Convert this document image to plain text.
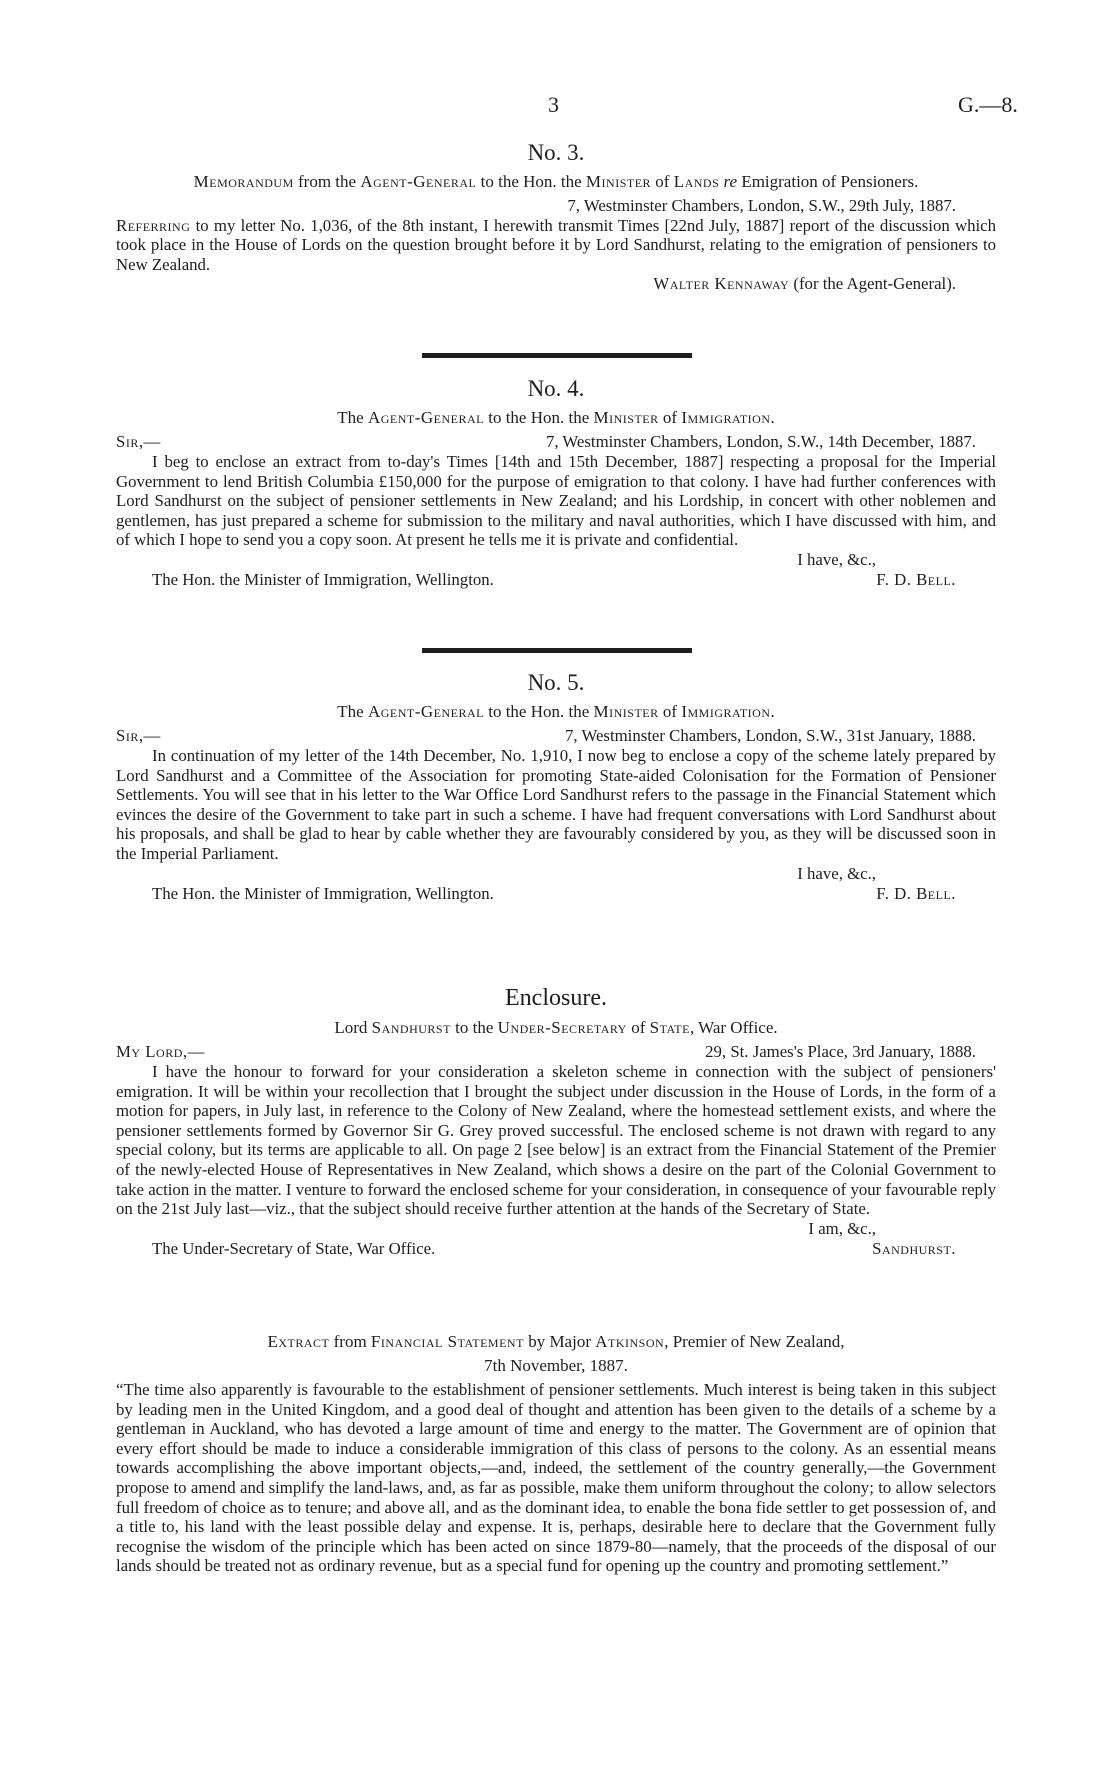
3	G.—8.
No. 3.
Memorandum from the Agent-General to the Hon. the Minister of Lands re Emigration of Pensioners.
7, Westminster Chambers, London, S.W., 29th July, 1887.

Referring to my letter No. 1,036, of the 8th instant, I herewith transmit Times [22nd July, 1887] report of the discussion which took place in the House of Lords on the question brought before it by Lord Sandhurst, relating to the emigration of pensioners to New Zealand.

Walter Kennaway (for the Agent-General).
No. 4.
The Agent-General to the Hon. the Minister of Immigration.
Sir,—	7, Westminster Chambers, London, S.W., 14th December, 1887.

I beg to enclose an extract from to-day's Times [14th and 15th December, 1887] respecting a proposal for the Imperial Government to lend British Columbia £150,000 for the purpose of emigration to that colony. I have had further conferences with Lord Sandhurst on the subject of pensioner settlements in New Zealand; and his Lordship, in concert with other noblemen and gentlemen, has just prepared a scheme for submission to the military and naval authorities, which I have discussed with him, and of which I hope to send you a copy soon. At present he tells me it is private and confidential.

I have, &c.,
The Hon. the Minister of Immigration, Wellington.	F. D. Bell.
No. 5.
The Agent-General to the Hon. the Minister of Immigration.
Sir,—	7, Westminster Chambers, London, S.W., 31st January, 1888.

In continuation of my letter of the 14th December, No. 1,910, I now beg to enclose a copy of the scheme lately prepared by Lord Sandhurst and a Committee of the Association for promoting State-aided Colonisation for the Formation of Pensioner Settlements. You will see that in his letter to the War Office Lord Sandhurst refers to the passage in the Financial Statement which evinces the desire of the Government to take part in such a scheme. I have had frequent conversations with Lord Sandhurst about his proposals, and shall be glad to hear by cable whether they are favourably considered by you, as they will be discussed soon in the Imperial Parliament.

I have, &c.,
The Hon. the Minister of Immigration, Wellington.	F. D. Bell.
Enclosure.
Lord Sandhurst to the Under-Secretary of State, War Office.
My Lord,—	29, St. James's Place, 3rd January, 1888.

I have the honour to forward for your consideration a skeleton scheme in connection with the subject of pensioners' emigration. It will be within your recollection that I brought the subject under discussion in the House of Lords, in the form of a motion for papers, in July last, in reference to the Colony of New Zealand, where the homestead settlement exists, and where the pensioner settlements formed by Governor Sir G. Grey proved successful. The enclosed scheme is not drawn with regard to any special colony, but its terms are applicable to all. On page 2 [see below] is an extract from the Financial Statement of the Premier of the newly-elected House of Representatives in New Zealand, which shows a desire on the part of the Colonial Government to take action in the matter. I venture to forward the enclosed scheme for your consideration, in consequence of your favourable reply on the 21st July last—viz., that the subject should receive further attention at the hands of the Secretary of State.

I am, &c.,
The Under-Secretary of State, War Office.	Sandhurst.
Extract from Financial Statement by Major Atkinson, Premier of New Zealand,
7th November, 1887.

“The time also apparently is favourable to the establishment of pensioner settlements. Much interest is being taken in this subject by leading men in the United Kingdom, and a good deal of thought and attention has been given to the details of a scheme by a gentleman in Auckland, who has devoted a large amount of time and energy to the matter. The Government are of opinion that every effort should be made to induce a considerable immigration of this class of persons to the colony. As an essential means towards accomplishing the above important objects,—and, indeed, the settlement of the country generally,—the Government propose to amend and simplify the land-laws, and, as far as possible, make them uniform throughout the colony; to allow selectors full freedom of choice as to tenure; and above all, and as the dominant idea, to enable the bona fide settler to get possession of, and a title to, his land with the least possible delay and expense. It is, perhaps, desirable here to declare that the Government fully recognise the wisdom of the principle which has been acted on since 1879-80—namely, that the proceeds of the disposal of our lands should be treated not as ordinary revenue, but as a special fund for opening up the country and promoting settlement.”
